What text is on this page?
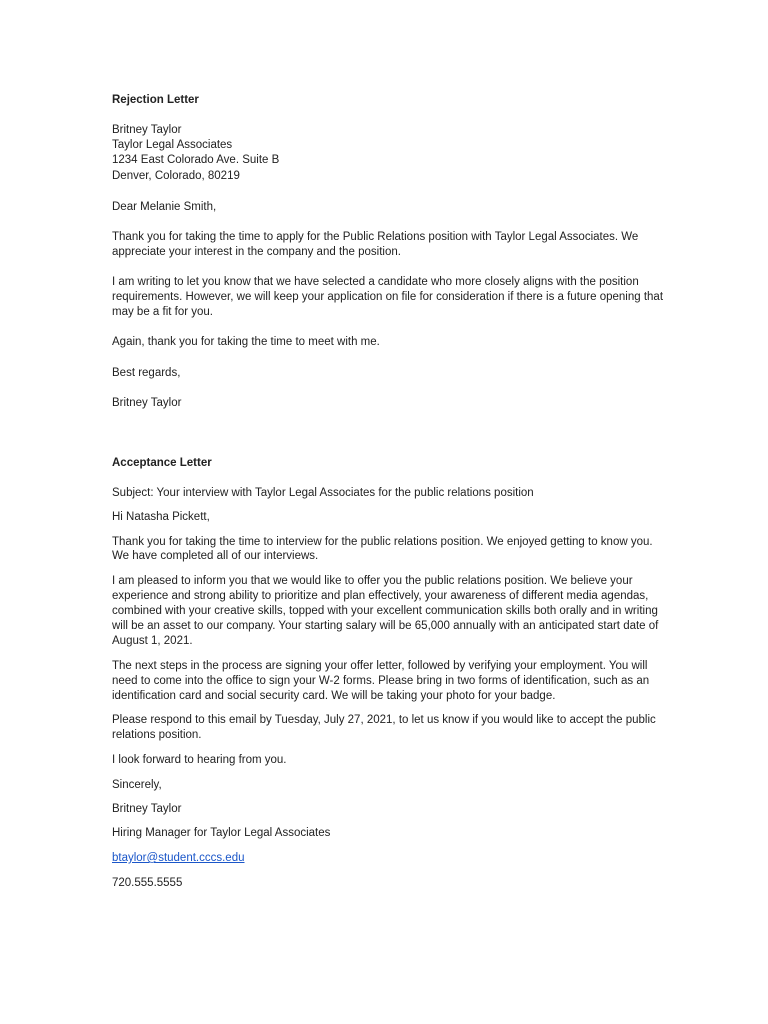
Rejection Letter
Britney Taylor
Taylor Legal Associates
1234 East Colorado Ave. Suite B
Denver, Colorado, 80219
Dear Melanie Smith,
Thank you for taking the time to apply for the Public Relations position with Taylor Legal Associates. We
appreciate your interest in the company and the position.
I am writing to let you know that we have selected a candidate who more closely aligns with the position
requirements. However, we will keep your application on file for consideration if there is a future opening that
may be a fit for you.
Again, thank you for taking the time to meet with me.
Best regards,
Britney Taylor
Acceptance Letter
Subject: Your interview with Taylor Legal Associates for the public relations position
Hi Natasha Pickett,
Thank you for taking the time to interview for the public relations position. We enjoyed getting to know you.
We have completed all of our interviews.
I am pleased to inform you that we would like to offer you the public relations position. We believe your
experience and strong ability to prioritize and plan effectively, your awareness of different media agendas,
combined with your creative skills, topped with your excellent communication skills both orally and in writing
will be an asset to our company. Your starting salary will be 65,000 annually with an anticipated start date of
August 1, 2021.
The next steps in the process are signing your offer letter, followed by verifying your employment. You will
need to come into the office to sign your W-2 forms. Please bring in two forms of identification, such as an
identification card and social security card. We will be taking your photo for your badge.
Please respond to this email by Tuesday, July 27, 2021, to let us know if you would like to accept the public
relations position.
I look forward to hearing from you.
Sincerely,
Britney Taylor
Hiring Manager for Taylor Legal Associates
btaylor@student.cccs.edu
720.555.5555
